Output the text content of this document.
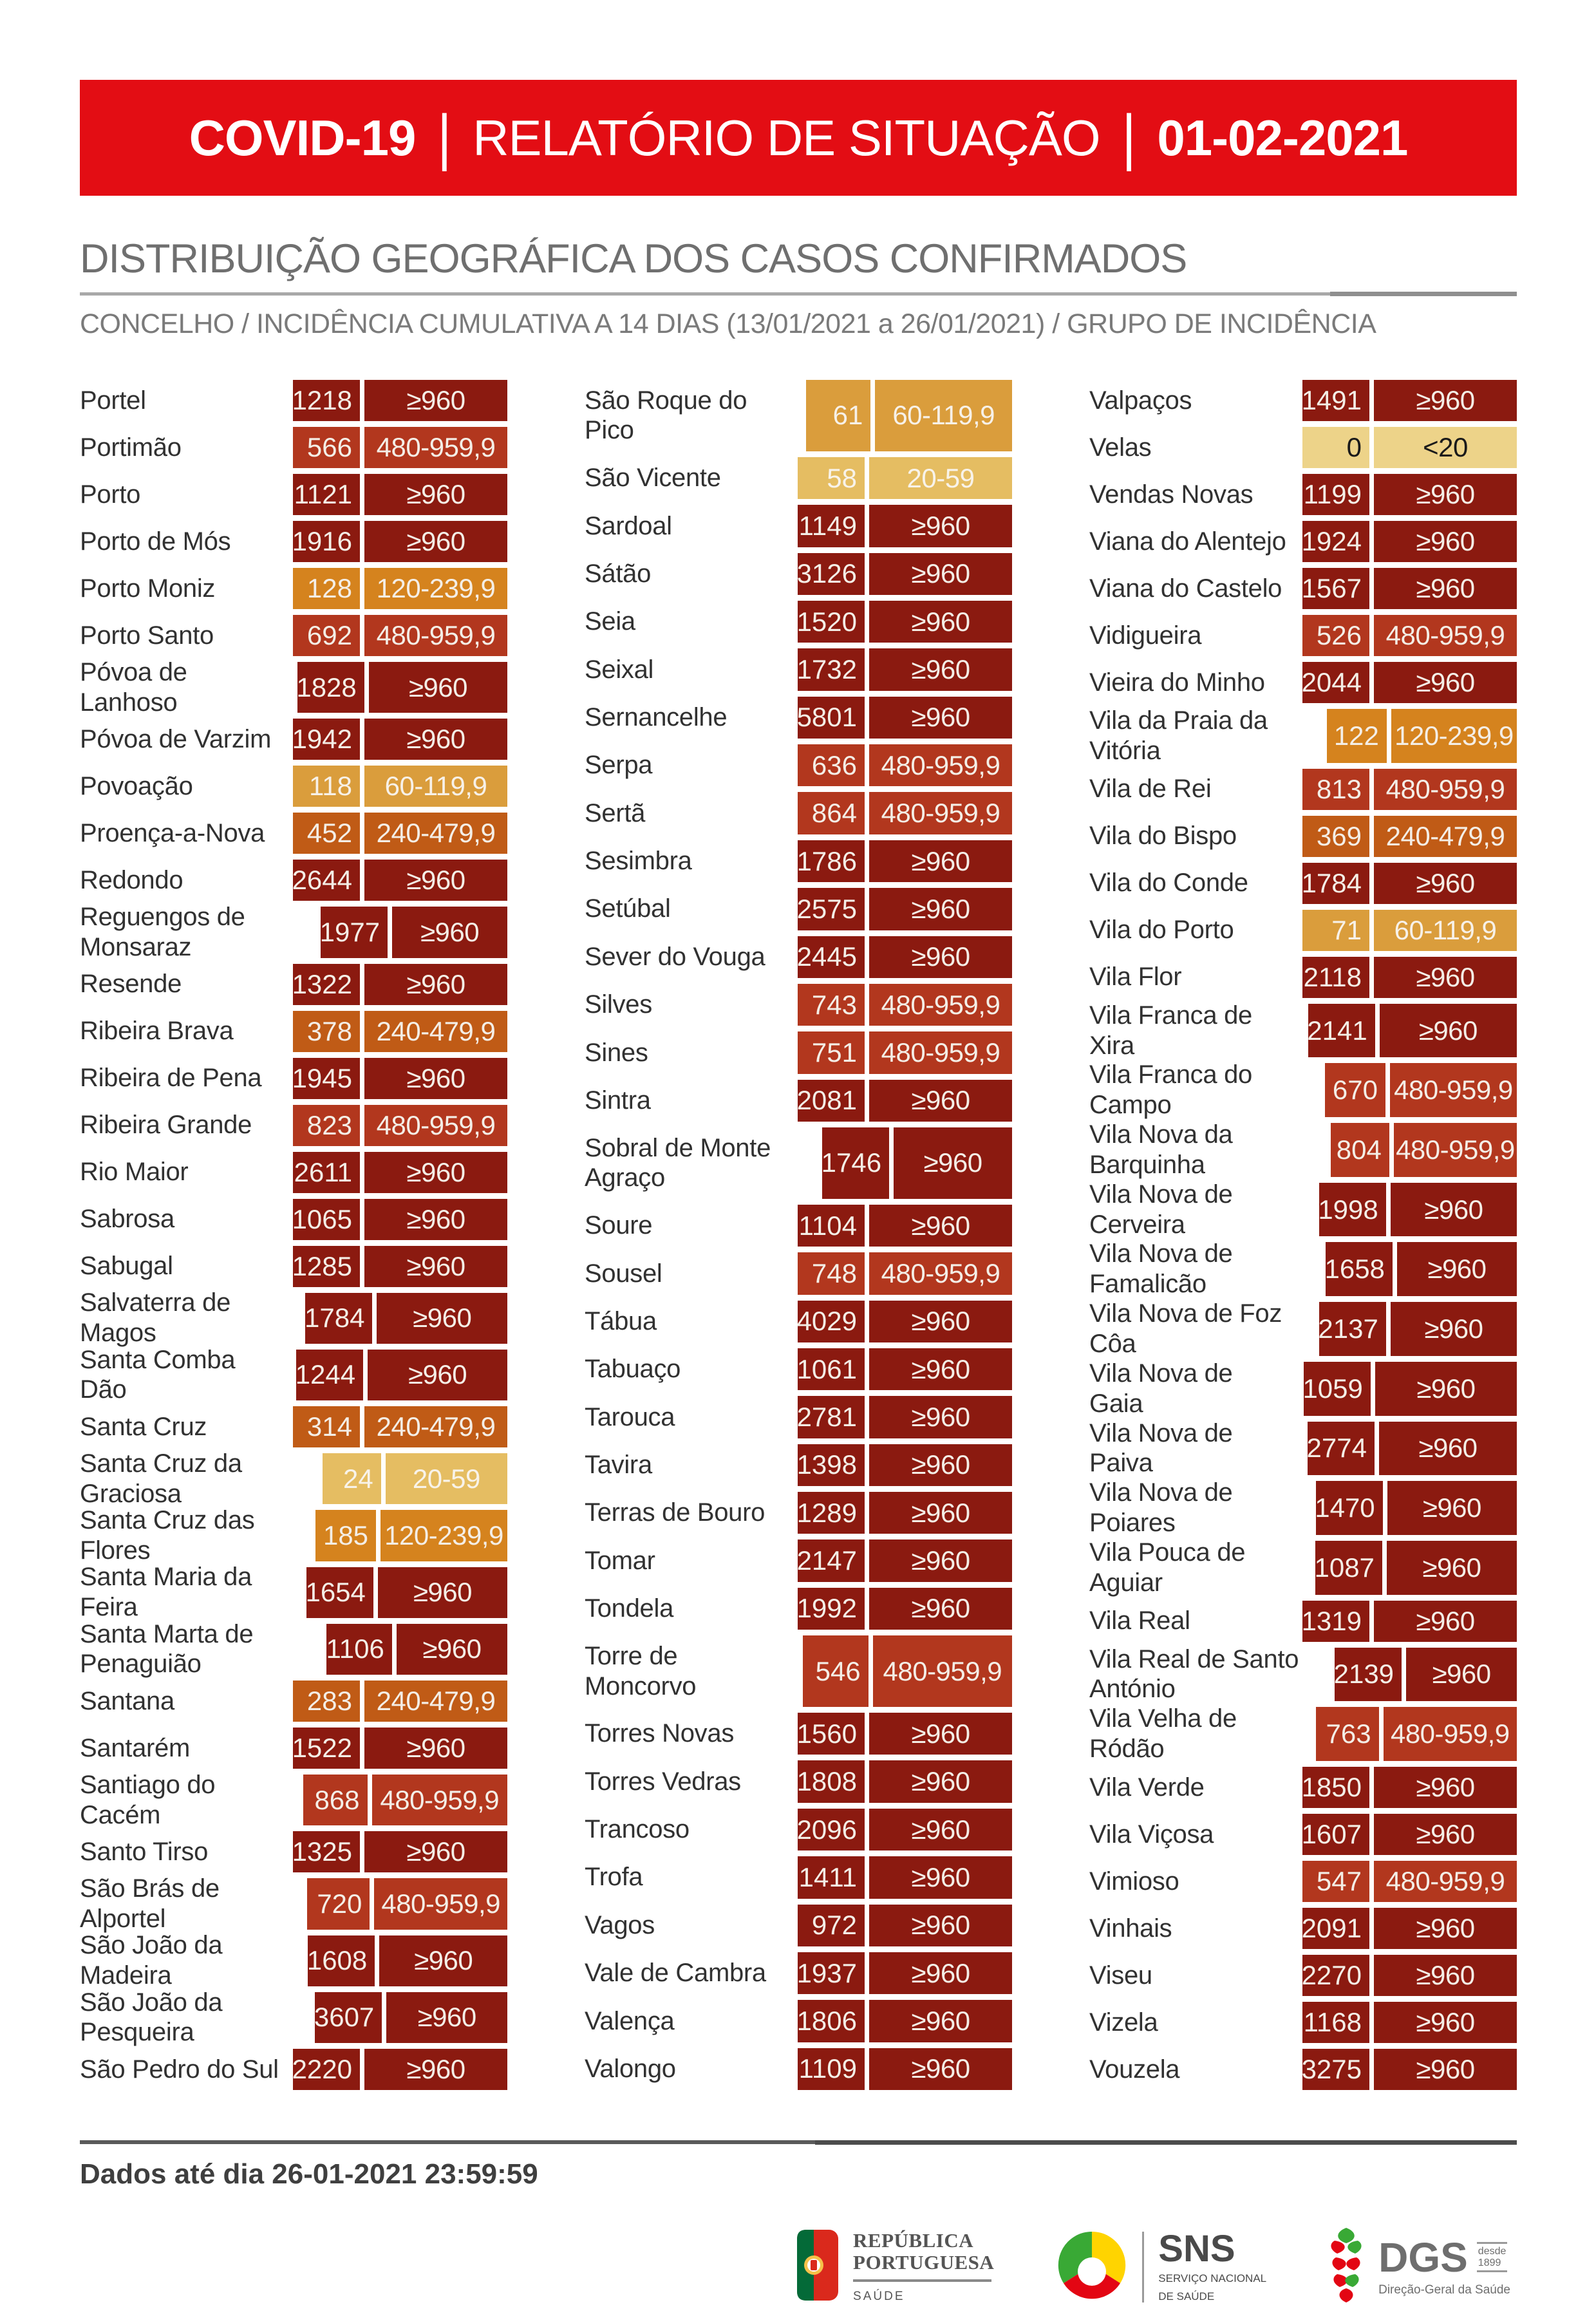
COVID-19 | RELATÓRIO DE SITUAÇÃO | 01-02-2021
DISTRIBUIÇÃO GEOGRÁFICA DOS CASOS CONFIRMADOS
CONCELHO / INCIDÊNCIA CUMULATIVA A 14 DIAS (13/01/2021 a 26/01/2021) / GRUPO DE INCIDÊNCIA
Portel	1218	≥960
Portimão	566 480-959,9
Porto	1121	≥960
Porto de Mós	1916	≥960
Porto Moniz	128 120-239,9
Porto Santo	692 480-959,9
Póvoa de Lanhoso	1828	≥960
Póvoa de Varzim 1942	≥960
Povoação	118	60-119,9
Proença-a-Nova	452 240-479,9
Redondo	2644	≥960
Reguengos de Monsaraz	1977	≥960
Resende	1322	≥960
Ribeira Brava	378 240-479,9
Ribeira de Pena	1945	≥960
Ribeira Grande	823 480-959,9
Rio Maior	2611	≥960
Sabrosa	1065	≥960
Sabugal	1285	≥960
Salvaterra de Magos	1784	≥960
Santa Comba Dão	1244	≥960
Santa Cruz	314 240-479,9
Santa Cruz da Graciosa	24	20-59
Santa Cruz das Flores	185 120-239,9
Santa Maria da Feira	1654	≥960
Santa Marta de Penaguião	1106	≥960
Santana	283 240-479,9
Santarém	1522	≥960
Santiago do Cacém	868 480-959,9
Santo Tirso	1325	≥960
São Brás de Alportel	720 480-959,9
São João da Madeira	1608	≥960
São João da Pesqueira	3607	≥960
São Pedro do Sul 2220	≥960
São Roque do Pico	61	60-119,9
São Vicente	58	20-59
Sardoal	1149	≥960
Sátão	3126	≥960
Seia	1520	≥960
Seixal	1732	≥960
Sernancelhe	5801	≥960
Serpa	636 480-959,9
Sertã	864 480-959,9
Sesimbra	1786	≥960
Setúbal	2575	≥960
Sever do Vouga	2445	≥960
Silves	743 480-959,9
Sines	751 480-959,9
Sintra	2081	≥960
Sobral de Monte Agraço	1746	≥960
Soure	1104	≥960
Sousel	748 480-959,9
Tábua	4029	≥960
Tabuaço	1061	≥960
Tarouca	2781	≥960
Tavira	1398	≥960
Terras de Bouro	1289	≥960
Tomar	2147	≥960
Tondela	1992	≥960
Torre de Moncorvo	546 480-959,9
Torres Novas	1560	≥960
Torres Vedras	1808	≥960
Trancoso	2096	≥960
Trofa	1411	≥960
Vagos	972	≥960
Vale de Cambra	1937	≥960
Valença	1806	≥960
Valongo	1109	≥960
Valpaços	1491	≥960
Velas	0	<20
Vendas Novas	1199	≥960
Viana do Alentejo 1924	≥960
Viana do Castelo 1567	≥960
Vidigueira	526 480-959,9
Vieira do Minho	2044	≥960
Vila da Praia da Vitória	122 120-239,9
Vila de Rei	813 480-959,9
Vila do Bispo	369 240-479,9
Vila do Conde	1784	≥960
Vila do Porto	71	60-119,9
Vila Flor	2118	≥960
Vila Franca de Xira	2141	≥960
Vila Franca do Campo	670 480-959,9
Vila Nova da Barquinha	804 480-959,9
Vila Nova de Cerveira	1998	≥960
Vila Nova de Famalicão	1658	≥960
Vila Nova de Foz Côa	2137	≥960
Vila Nova de Gaia	1059	≥960
Vila Nova de Paiva	2774	≥960
Vila Nova de Poiares	1470	≥960
Vila Pouca de Aguiar	1087	≥960
Vila Real	1319	≥960
Vila Real de Santo António	2139	≥960
Vila Velha de Ródão	763 480-959,9
Vila Verde	1850	≥960
Vila Viçosa	1607	≥960
Vimioso	547 480-959,9
Vinhais	2091	≥960
Viseu	2270	≥960
Vizela	1168	≥960
Vouzela	3275	≥960
Dados até dia 26-01-2021 23:59:59
REPÚBLICA
PORTUGUESA
SAÚDE
SNS
SERVIÇO NACIONAL
DE SAÚDE
DGS desde
1899
Direção-Geral da Saúde
